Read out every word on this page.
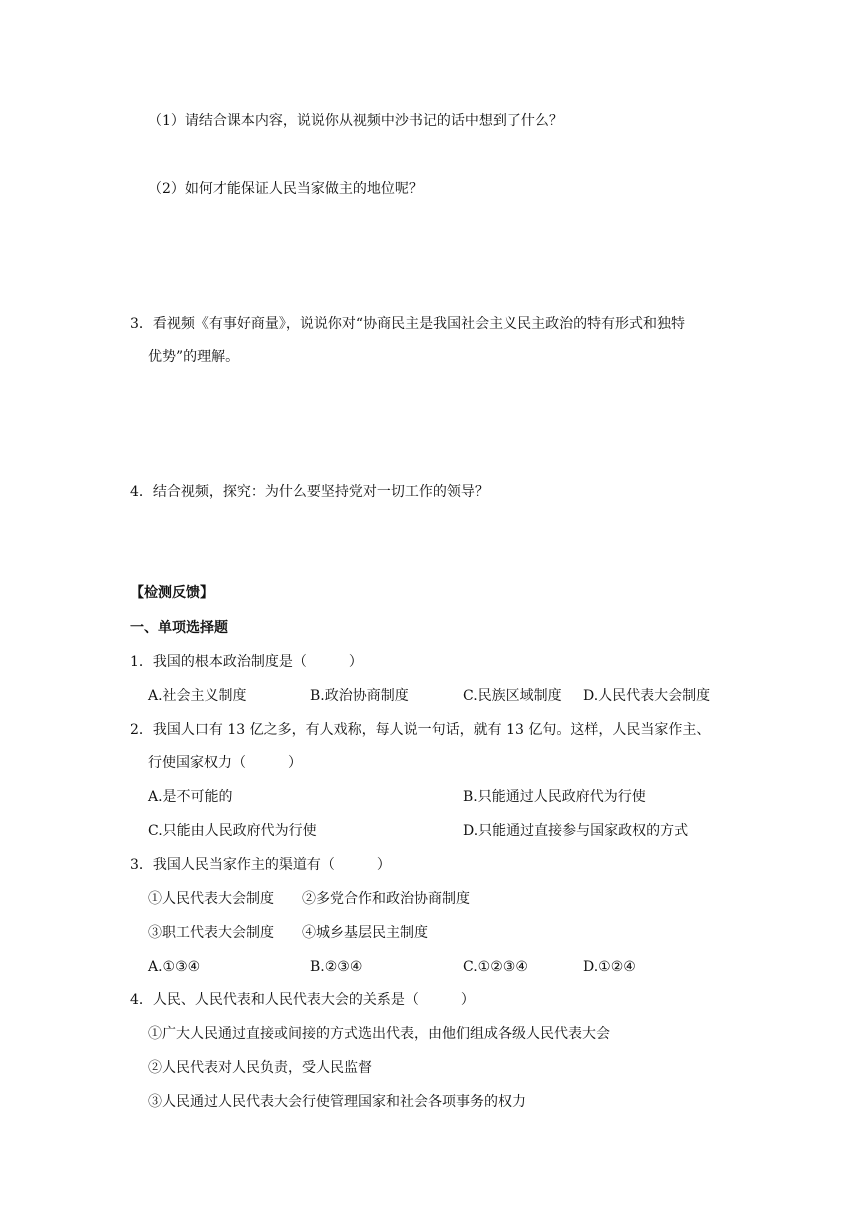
（1）请结合课本内容，说说你从视频中沙书记的话中想到了什么？
（2）如何才能保证人民当家做主的地位呢？
3．看视频《有事好商量》，说说你对“协商民主是我国社会主义民主政治的特有形式和独特
优势”的理解。
4．结合视频，探究：为什么要坚持党对一切工作的领导？
【检测反馈】
一、单项选择题
1．我国的根本政治制度是（　　　）
A.社会主义制度	B.政治协商制度	C.民族区域制度 D.人民代表大会制度
2．我国人口有 13 亿之多，有人戏称，每人说一句话，就有 13 亿句。这样，人民当家作主、
行使国家权力（　　　）
A.是不可能的	B.只能通过人民政府代为行使
C.只能由人民政府代为行使	D.只能通过直接参与国家政权的方式
3．我国人民当家作主的渠道有（　　　）
①人民代表大会制度　　②多党合作和政治协商制度
③职工代表大会制度　　④城乡基层民主制度
A.①③④	B.②③④	C.①②③④	D.①②④
4．人民、人民代表和人民代表大会的关系是（　　　）
①广大人民通过直接或间接的方式选出代表，由他们组成各级人民代表大会
②人民代表对人民负责，受人民监督
③人民通过人民代表大会行使管理国家和社会各项事务的权力
